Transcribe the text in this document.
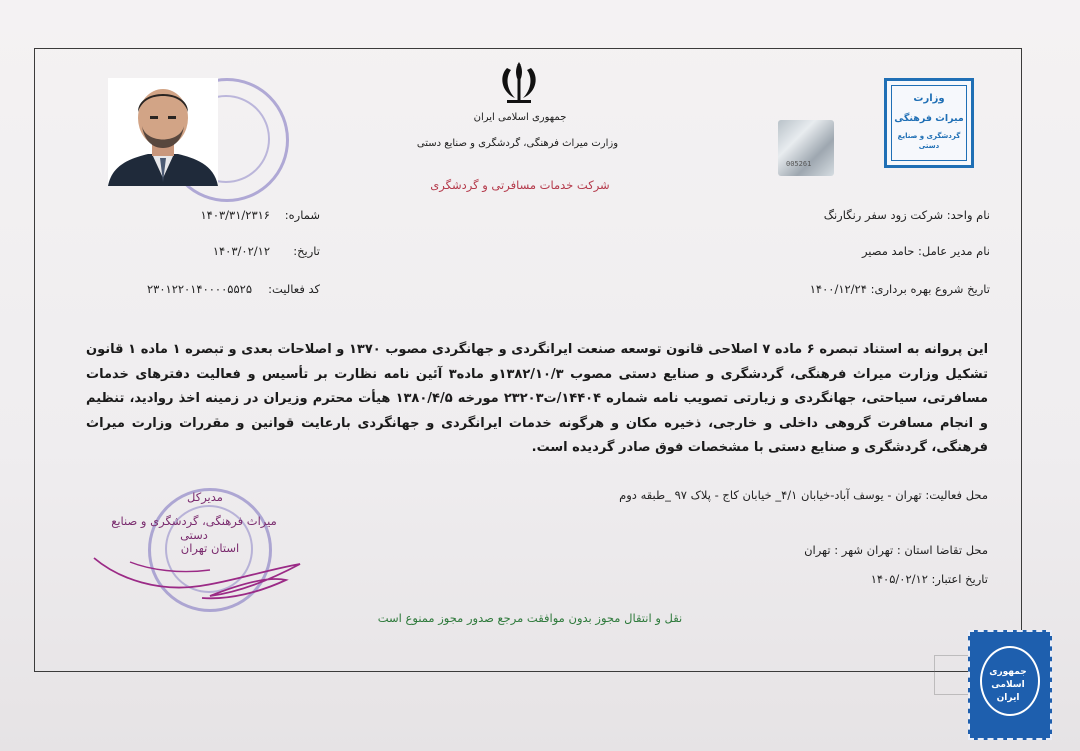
جمهوری اسلامی ایران
وزارت میراث فرهنگی، گردشگری و صنایع دستی
شرکت خدمات مسافرتی و گردشگری
وزارت
میراث فرهنگی
گردشگری و صنایع دستی
005261
نام واحد: شرکت زود سفر رنگارنگ
نام مدیر عامل: حامد مصیر
تاریخ شروع بهره برداری: ۱۴۰۰/۱۲/۲۴
شماره:
۱۴۰۳/۳۱/۲۳۱۶
تاریخ:
۱۴۰۳/۰۲/۱۲
کد فعالیت:
۲۳۰۱۲۲۰۱۴۰۰۰۰۵۵۲۵
این پروانه به استناد تبصره ۶ ماده ۷ اصلاحی قانون توسعه صنعت ایرانگردی و جهانگردی مصوب ۱۳۷۰ و اصلاحات بعدی و تبصره ۱ ماده ۱ قانون تشکیل وزارت میراث فرهنگی، گردشگری و صنایع دستی مصوب ۱۳۸۲/۱۰/۳و ماده۳ آئین نامه نظارت بر تأسیس و فعالیت دفترهای خدمات مسافرتی، سیاحتی، جهانگردی و زیارتی تصویب نامه شماره ۱۴۴۰۴/ت۲۳۲۰۳ مورخه ۱۳۸۰/۴/۵ هیأت محترم وزیران در زمینه اخذ روادید، تنظیم و انجام مسافرت گروهی داخلی و خارجی، ذخیره مکان و هرگونه خدمات ایرانگردی و جهانگردی بارعایت قوانین و مقررات وزارت میراث فرهنگی، گردشگری و صنایع دستی با مشخصات فوق صادر گردیده است.
محل فعالیت: تهران - یوسف آباد-خیابان ۴/۱_ خیابان کاج - پلاک ۹۷ _طبقه دوم
محل تقاضا استان : تهران شهر : تهران
تاریخ اعتبار: ۱۴۰۵/۰۲/۱۲
مدیرکل
میراث فرهنگی، گردشگری و صنایع دستی
استان تهران
نقل و انتقال مجوز بدون موافقت مرجع صدور مجوز ممنوع است
جمهوری اسلامی ایران
